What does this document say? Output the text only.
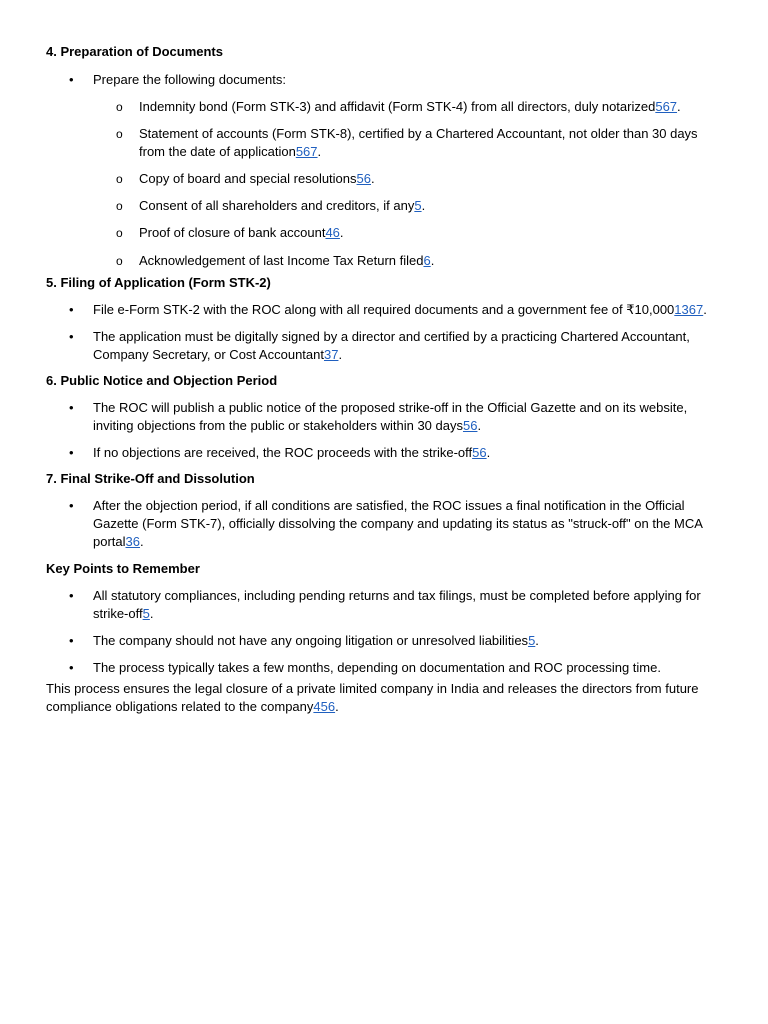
4. Preparation of Documents
• Prepare the following documents:
o Indemnity bond (Form STK-3) and affidavit (Form STK-4) from all directors, duly notarized567.
o Statement of accounts (Form STK-8), certified by a Chartered Accountant, not older than 30 days from the date of application567.
o Copy of board and special resolutions56.
o Consent of all shareholders and creditors, if any5.
o Proof of closure of bank account46.
o Acknowledgement of last Income Tax Return filed6.
5. Filing of Application (Form STK-2)
• File e-Form STK-2 with the ROC along with all required documents and a government fee of ₹10,0001367.
• The application must be digitally signed by a director and certified by a practicing Chartered Accountant, Company Secretary, or Cost Accountant37.
6. Public Notice and Objection Period
• The ROC will publish a public notice of the proposed strike-off in the Official Gazette and on its website, inviting objections from the public or stakeholders within 30 days56.
• If no objections are received, the ROC proceeds with the strike-off56.
7. Final Strike-Off and Dissolution
• After the objection period, if all conditions are satisfied, the ROC issues a final notification in the Official Gazette (Form STK-7), officially dissolving the company and updating its status as "struck-off" on the MCA portal36.
Key Points to Remember
• All statutory compliances, including pending returns and tax filings, must be completed before applying for strike-off5.
• The company should not have any ongoing litigation or unresolved liabilities5.
• The process typically takes a few months, depending on documentation and ROC processing time.

This process ensures the legal closure of a private limited company in India and releases the directors from future compliance obligations related to the company456.
